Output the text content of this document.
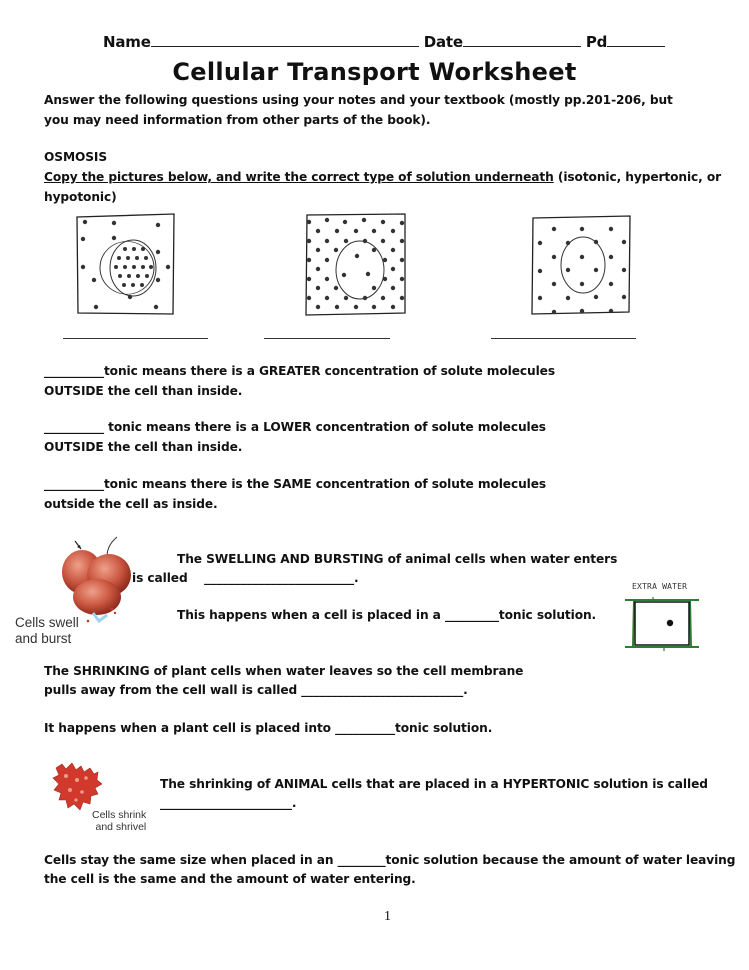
Name	Date	Pd
Cellular Transport Worksheet
Answer the following questions using your notes and your textbook (mostly pp.201-206, but
you may need information from other parts of the book).
OSMOSIS
Copy the pictures below, and write the correct type of solution underneath (isotonic, hypertonic, or
hypotonic)
__________tonic means there is a GREATER concentration of solute molecules
OUTSIDE the cell than inside.
__________ tonic means there is a LOWER concentration of solute molecules
OUTSIDE the cell than inside.
__________tonic means there is the SAME concentration of solute molecules
outside the cell as inside.
Cells swell
and burst
The SWELLING AND BURSTING of animal cells when water enters
is called _________________________.
This happens when a cell is placed in a _________tonic solution.
EXTRA WATER
The SHRINKING of plant cells when water leaves so the cell membrane
pulls away from the cell wall is called ___________________________.
It happens when a plant cell is placed into __________tonic solution.
Cells shrink
and shrivel
The shrinking of ANIMAL cells that are placed in a HYPERTONIC solution is called
______________________.
Cells stay the same size when placed in an ________tonic solution because the amount of water leaving
the cell is the same and the amount of water entering.
1
